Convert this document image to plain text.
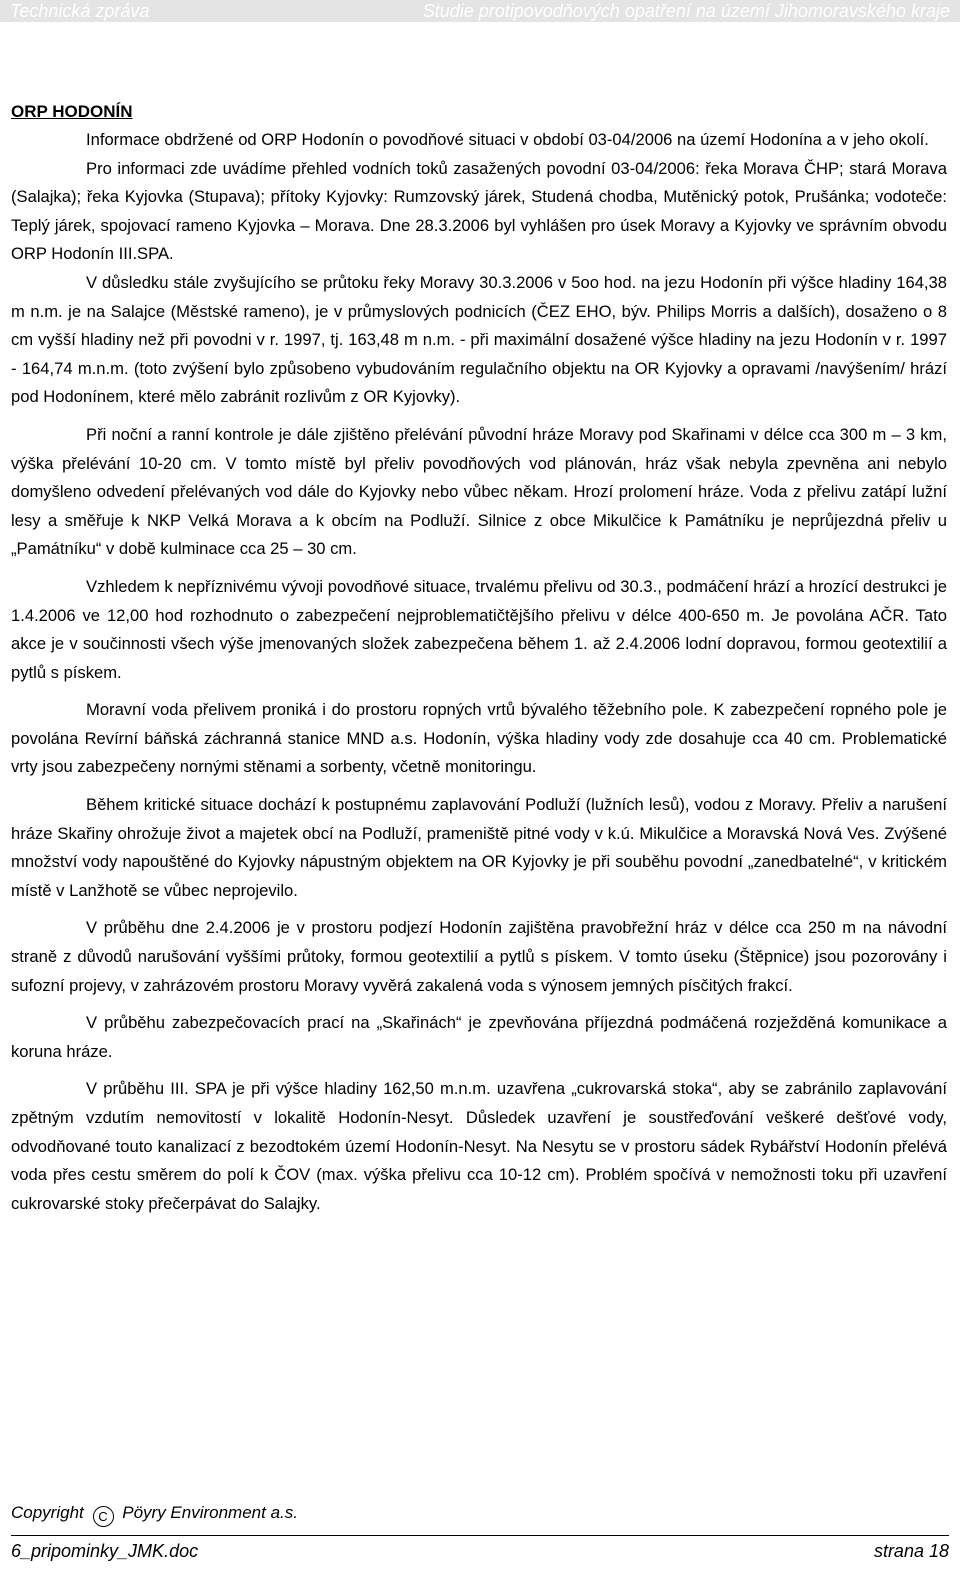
Technická zpráva	Studie protipovodňových opatření na území Jihomoravského kraje
3A06105
ORP HODONÍN

Informace obdržené od ORP Hodonín o povodňové situaci v období 03-04/2006 na území Hodonína a v jeho okolí.

Pro informaci zde uvádíme přehled vodních toků zasažených povodní 03-04/2006: řeka Morava ČHP; stará Morava (Salajka); řeka Kyjovka (Stupava); přítoky Kyjovky: Rumzovský járek, Studená chodba, Mutěnický potok, Prušánka; vodoteče: Teplý járek, spojovací rameno Kyjovka – Morava. Dne 28.3.2006 byl vyhlášen pro úsek Moravy a Kyjovky ve správním obvodu ORP Hodonín III.SPA.

V důsledku stále zvyšujícího se průtoku řeky Moravy 30.3.2006 v 5oo hod. na jezu Hodonín při výšce hladiny 164,38 m n.m. je na Salajce (Městské rameno), je v průmyslových podnicích (ČEZ EHO, býv. Philips Morris a dalších), dosaženo o 8 cm vyšší hladiny než při povodni v r. 1997, tj. 163,48 m n.m. - při maximální dosažené výšce hladiny na jezu Hodonín v r. 1997 - 164,74 m.n.m. (toto zvýšení bylo způsobeno vybudováním regulačního objektu na OR Kyjovky a opravami /navýšením/ hrází pod Hodonínem, které mělo zabránit rozlivům z OR Kyjovky).

Při noční a ranní kontrole je dále zjištěno přelévání původní hráze Moravy pod Skařinami v délce cca 300 m – 3 km, výška přelévání 10-20 cm. V tomto místě byl přeliv povodňových vod plánován, hráz však nebyla zpevněna ani nebylo domyšleno odvedení přelévaných vod dále do Kyjovky nebo vůbec někam. Hrozí prolomení hráze. Voda z přelivu zatápí lužní lesy a směřuje k NKP Velká Morava a k obcím na Podluží. Silnice z obce Mikulčice k Památníku je neprůjezdná přeliv u „Památníku“ v době kulminace cca 25 – 30 cm.

Vzhledem k nepříznivému vývoji povodňové situace, trvalému přelivu od 30.3., podmáčení hrází a hrozící destrukci je 1.4.2006 ve 12,00 hod rozhodnuto o zabezpečení nejproblematičtějšího přelivu v délce 400-650 m. Je povolána AČR. Tato akce je v součinnosti všech výše jmenovaných složek zabezpečena během 1. až 2.4.2006 lodní dopravou, formou geotextilií a pytlů s pískem.

Moravní voda přelivem proniká i do prostoru ropných vrtů bývalého těžebního pole. K zabezpečení ropného pole je povolána Revírní báňská záchranná stanice MND a.s. Hodonín, výška hladiny vody zde dosahuje cca 40 cm. Problematické vrty jsou zabezpečeny nornými stěnami a sorbenty, včetně monitoringu.

Během kritické situace dochází k postupnému zaplavování Podluží (lužních lesů), vodou z Moravy. Přeliv a narušení hráze Skařiny ohrožuje život a majetek obcí na Podluží, prameniště pitné vody v k.ú. Mikulčice a Moravská Nová Ves. Zvýšené množství vody napouštěné do Kyjovky nápustným objektem na OR Kyjovky je při souběhu povodní „zanedbatelné“, v kritickém místě v Lanžhotě se vůbec neprojevilo.

V průběhu dne 2.4.2006 je v prostoru podjezí Hodonín zajištěna pravobřežní hráz v délce cca 250 m na návodní straně z důvodů narušování vyššími průtoky, formou geotextilií a pytlů s pískem. V tomto úseku (Štěpnice) jsou pozorovány i sufozní projevy, v zahrázovém prostoru Moravy vyvěrá zakalená voda s výnosem jemných písčitých frakcí.

V průběhu zabezpečovacích prací na „Skařinách“ je zpevňována příjezdná podmáčená rozježděná komunikace a koruna hráze.

V průběhu III. SPA je při výšce hladiny 162,50 m.n.m. uzavřena „cukrovarská stoka“, aby se zabránilo zaplavování zpětným vzdutím nemovitostí v lokalitě Hodonín-Nesyt. Důsledek uzavření je soustřeďování veškeré dešťové vody, odvodňované touto kanalizací z bezodtokém území Hodonín-Nesyt. Na Nesytu se v prostoru sádek Rybářství Hodonín přelévá voda přes cestu směrem do polí k ČOV (max. výška přelivu cca 10-12 cm). Problém spočívá v nemožnosti toku při uzavření cukrovarské stoky přečerpávat do Salajky.

Copyright C Pöyry Environment a.s.
6_pripominky_JMK.doc	strana 18
